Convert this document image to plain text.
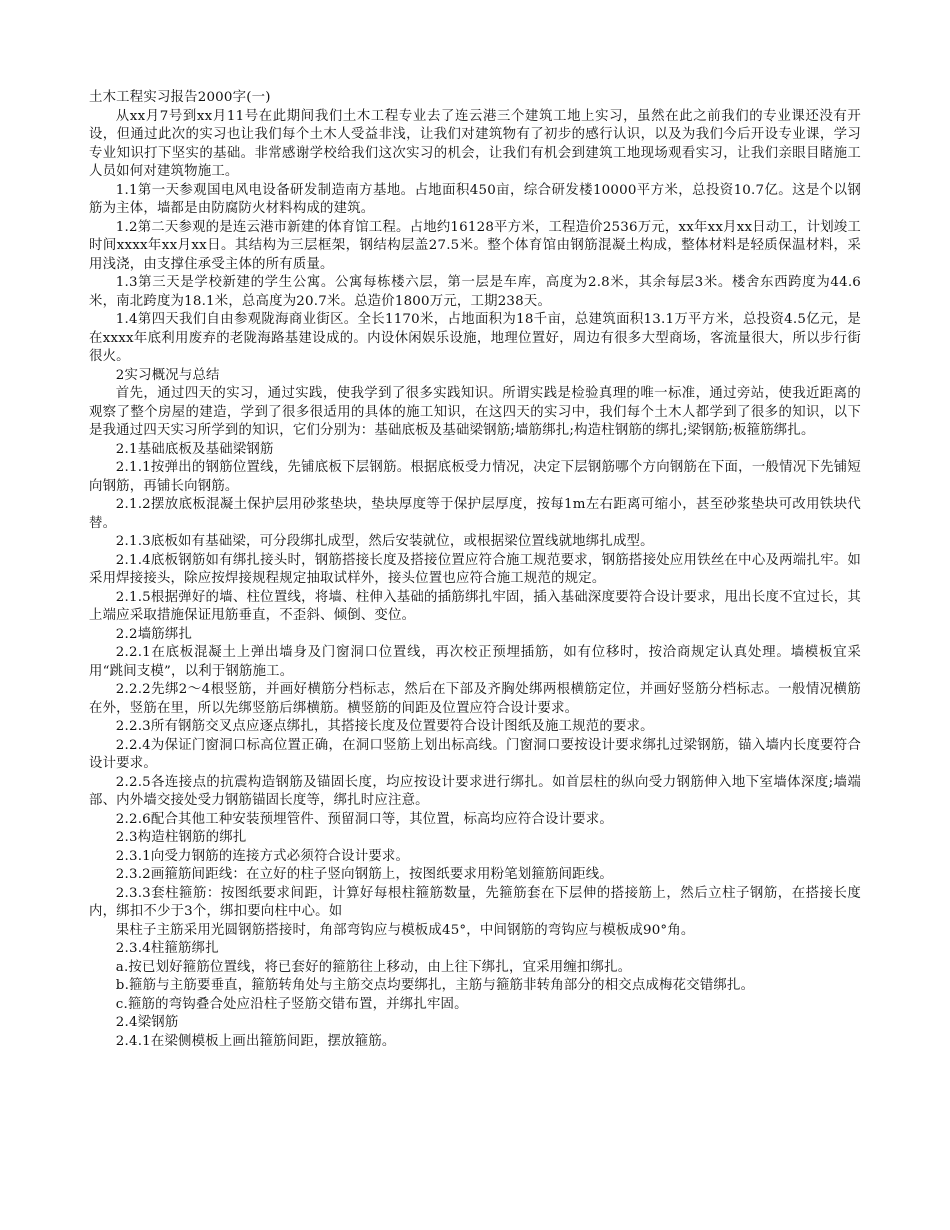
土木工程实习报告2000字(一)

从xx月7号到xx月11号在此期间我们土木工程专业去了连云港三个建筑工地上实习，虽然在此之前我们的专业课还没有开设，但通过此次的实习也让我们每个土木人受益非浅，让我们对建筑物有了初步的感行认识，以及为我们今后开设专业课，学习专业知识打下坚实的基础。非常感谢学校给我们这次实习的机会，让我们有机会到建筑工地现场观看实习，让我们亲眼目睹施工人员如何对建筑物施工。

1.1第一天参观国电风电设备研发制造南方基地。占地面积450亩，综合研发楼10000平方米，总投资10.7亿。这是个以钢筋为主体，墙都是由防腐防火材料构成的建筑。

1.2第二天参观的是连云港市新建的体育馆工程。占地约16128平方米，工程造价2536万元，xx年xx月xx日动工，计划竣工时间xxxx年xx月xx日。其结构为三层框架，钢结构层盖27.5米。整个体育馆由钢筋混凝土构成，整体材料是轻质保温材料，采用浅浇，由支撑住承受主体的所有质量。

1.3第三天是学校新建的学生公寓。公寓每栋楼六层，第一层是车库，高度为2.8米，其余每层3米。楼舍东西跨度为44.6米，南北跨度为18.1米，总高度为20.7米。总造价1800万元，工期238天。

1.4第四天我们自由参观陇海商业街区。全长1170米，占地面积为18千亩，总建筑面积13.1万平方米，总投资4.5亿元，是在xxxx年底利用废弃的老陇海路基建设成的。内设休闲娱乐设施，地理位置好，周边有很多大型商场，客流量很大，所以步行街很火。

2实习概况与总结

首先，通过四天的实习，通过实践，使我学到了很多实践知识。所谓实践是检验真理的唯一标准，通过旁站，使我近距离的观察了整个房屋的建造，学到了很多很适用的具体的施工知识，在这四天的实习中，我们每个土木人都学到了很多的知识，以下是我通过四天实习所学到的知识，它们分别为：基础底板及基础梁钢筋;墙筋绑扎;构造柱钢筋的绑扎;梁钢筋;板箍筋绑扎。

2.1基础底板及基础梁钢筋

2.1.1按弹出的钢筋位置线，先铺底板下层钢筋。根据底板受力情况，决定下层钢筋哪个方向钢筋在下面，一般情况下先铺短向钢筋，再铺长向钢筋。

2.1.2摆放底板混凝土保护层用砂浆垫块，垫块厚度等于保护层厚度，按每1m左右距离可缩小，甚至砂浆垫块可改用铁块代替。

2.1.3底板如有基础梁，可分段绑扎成型，然后安装就位，或根据梁位置线就地绑扎成型。

2.1.4底板钢筋如有绑扎接头时，钢筋搭接长度及搭接位置应符合施工规范要求，钢筋搭接处应用铁丝在中心及两端扎牢。如采用焊接接头，除应按焊接规程规定抽取试样外，接头位置也应符合施工规范的规定。

2.1.5根据弹好的墙、柱位置线，将墙、柱伸入基础的插筋绑扎牢固，插入基础深度要符合设计要求，甩出长度不宜过长，其上端应采取措施保证甩筋垂直，不歪斜、倾倒、变位。

2.2墙筋绑扎

2.2.1在底板混凝土上弹出墙身及门窗洞口位置线，再次校正预埋插筋，如有位移时，按洽商规定认真处理。墙模板宜采用“跳间支模”，以利于钢筋施工。

2.2.2先绑2～4根竖筋，并画好横筋分档标志，然后在下部及齐胸处绑两根横筋定位，并画好竖筋分档标志。一般情况横筋在外，竖筋在里，所以先绑竖筋后绑横筋。横竖筋的间距及位置应符合设计要求。

2.2.3所有钢筋交叉点应逐点绑扎，其搭接长度及位置要符合设计图纸及施工规范的要求。

2.2.4为保证门窗洞口标高位置正确，在洞口竖筋上划出标高线。门窗洞口要按设计要求绑扎过梁钢筋，锚入墙内长度要符合设计要求。

2.2.5各连接点的抗震构造钢筋及锚固长度，均应按设计要求进行绑扎。如首层柱的纵向受力钢筋伸入地下室墙体深度;墙端部、内外墙交接处受力钢筋锚固长度等，绑扎时应注意。

2.2.6配合其他工种安装预埋管件、预留洞口等，其位置，标高均应符合设计要求。

2.3构造柱钢筋的绑扎

2.3.1向受力钢筋的连接方式必须符合设计要求。

2.3.2画箍筋间距线：在立好的柱子竖向钢筋上，按图纸要求用粉笔划箍筋间距线。

2.3.3套柱箍筋：按图纸要求间距，计算好每根柱箍筋数量，先箍筋套在下层伸的搭接筋上，然后立柱子钢筋，在搭接长度内，绑扣不少于3个，绑扣要向柱中心。如

果柱子主筋采用光圆钢筋搭接时，角部弯钩应与模板成45°，中间钢筋的弯钩应与模板成90°角。

2.3.4柱箍筋绑扎

a.按已划好箍筋位置线，将已套好的箍筋往上移动，由上往下绑扎，宜采用缠扣绑扎。

b.箍筋与主筋要垂直，箍筋转角处与主筋交点均要绑扎，主筋与箍筋非转角部分的相交点成梅花交错绑扎。

c.箍筋的弯钩叠合处应沿柱子竖筋交错布置，并绑扎牢固。

2.4梁钢筋

2.4.1在梁侧模板上画出箍筋间距，摆放箍筋。
